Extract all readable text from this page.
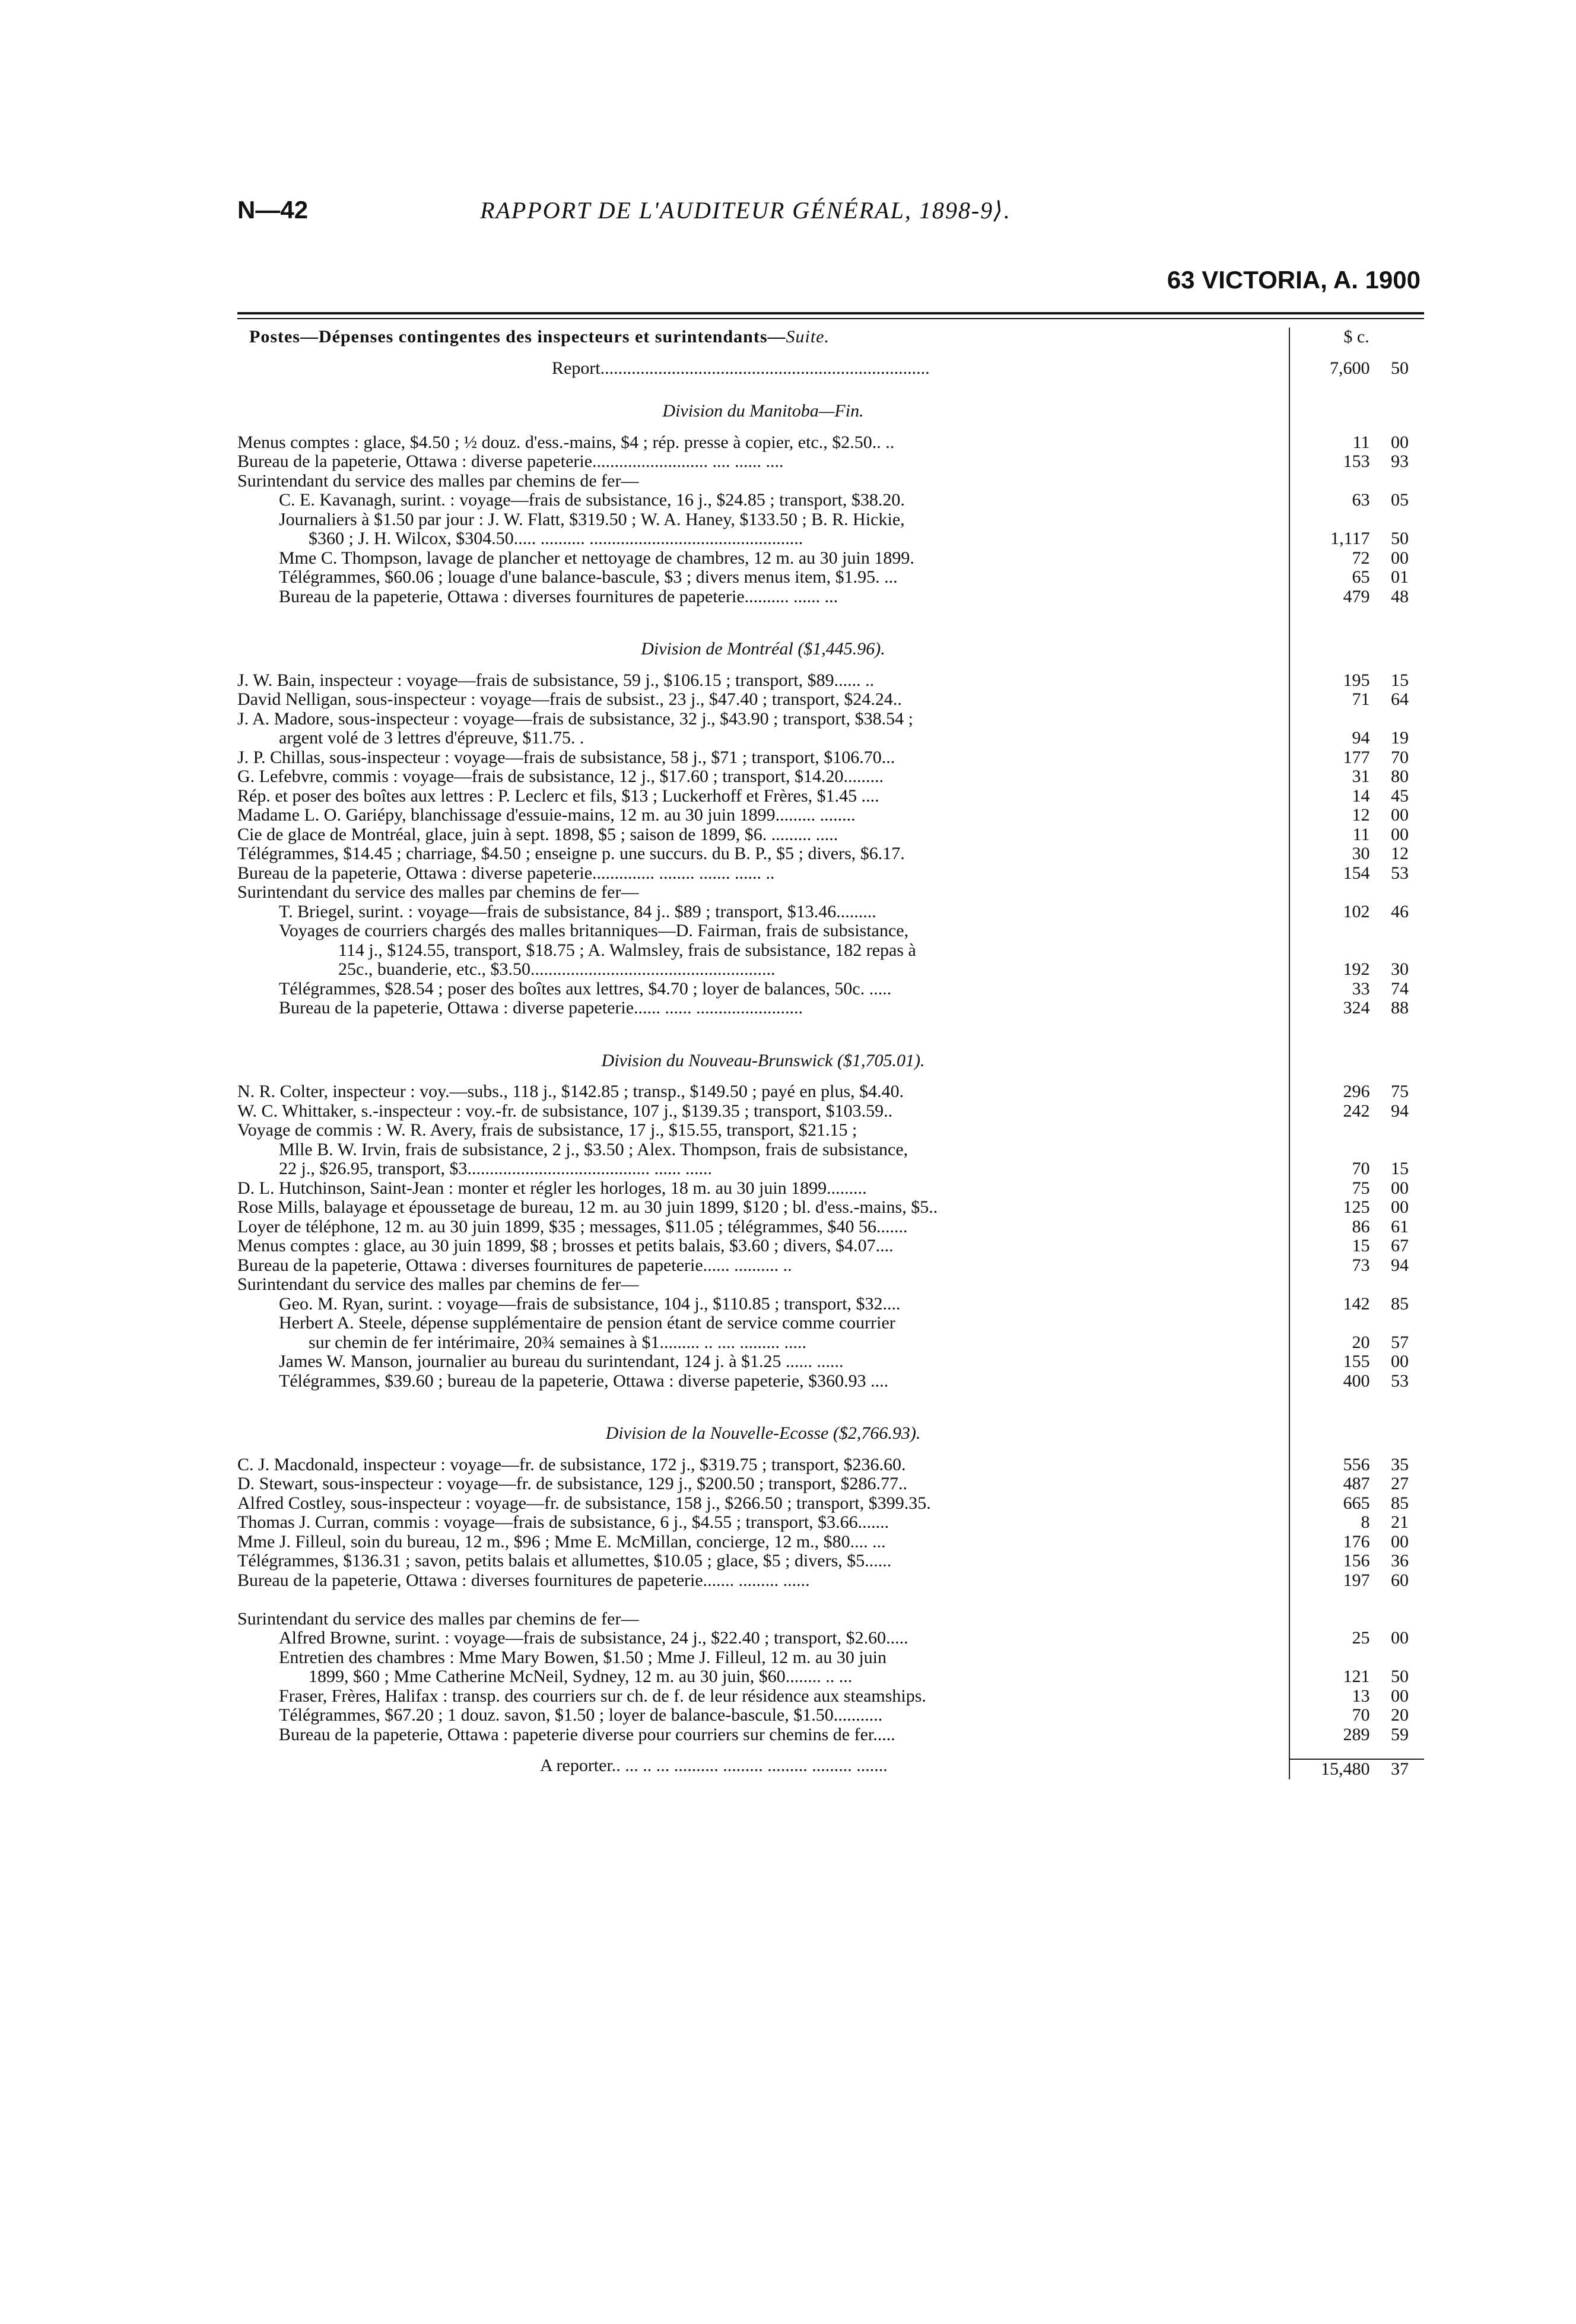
N—42	RAPPORT DE L'AUDITEUR GÉNÉRAL, 1898-9⟩.
63 VICTORIA, A. 1900
Postes—Dépenses contingentes des inspecteurs et surintendants—Suite.	$ c.
Report..........................................................................	7,600 50
Division du Manitoba—Fin.
Menus comptes : glace, $4.50 ; ½ douz. d'ess.-mains, $4 ; rép. presse à copier, etc., $2.50.. ..	11 00
Bureau de la papeterie, Ottawa : diverse papeterie.......................... .... ...... ....	153 93
Surintendant du service des malles par chemins de fer—
C. E. Kavanagh, surint. : voyage—frais de subsistance, 16 j., $24.85 ; transport, $38.20.	63 05
Journaliers à $1.50 par jour : J. W. Flatt, $319.50 ; W. A. Haney, $133.50 ; B. R. Hickie,
$360 ; J. H. Wilcox, $304.50..... .......... ................................................	1,117 50
Mme C. Thompson, lavage de plancher et nettoyage de chambres, 12 m. au 30 juin 1899.	72 00
Télégrammes, $60.06 ; louage d'une balance-bascule, $3 ; divers menus item, $1.95. ...	65 01
Bureau de la papeterie, Ottawa : diverses fournitures de papeterie.......... ...... ...	479 48
Division de Montréal ($1,445.96).
J. W. Bain, inspecteur : voyage—frais de subsistance, 59 j., $106.15 ; transport, $89...... ..	195 15
David Nelligan, sous-inspecteur : voyage—frais de subsist., 23 j., $47.40 ; transport, $24.24..	71 64
J. A. Madore, sous-inspecteur : voyage—frais de subsistance, 32 j., $43.90 ; transport, $38.54 ;
argent volé de 3 lettres d'épreuve, $11.75. .	94 19
J. P. Chillas, sous-inspecteur : voyage—frais de subsistance, 58 j., $71 ; transport, $106.70...	177 70
G. Lefebvre, commis : voyage—frais de subsistance, 12 j., $17.60 ; transport, $14.20.........	31 80
Rép. et poser des boîtes aux lettres : P. Leclerc et fils, $13 ; Luckerhoff et Frères, $1.45 ....	14 45
Madame L. O. Gariépy, blanchissage d'essuie-mains, 12 m. au 30 juin 1899......... ........	12 00
Cie de glace de Montréal, glace, juin à sept. 1898, $5 ; saison de 1899, $6. ......... .....	11 00
Télégrammes, $14.45 ; charriage, $4.50 ; enseigne p. une succurs. du B. P., $5 ; divers, $6.17.	30 12
Bureau de la papeterie, Ottawa : diverse papeterie.............. ........ ....... ...... ..	154 53
Surintendant du service des malles par chemins de fer—
T. Briegel, surint. : voyage—frais de subsistance, 84 j.. $89 ; transport, $13.46.........	102 46
Voyages de courriers chargés des malles britanniques—D. Fairman, frais de subsistance,
114 j., $124.55, transport, $18.75 ; A. Walmsley, frais de subsistance, 182 repas à
25c., buanderie, etc., $3.50.......................................................	192 30
Télégrammes, $28.54 ; poser des boîtes aux lettres, $4.70 ; loyer de balances, 50c. .....	33 74
Bureau de la papeterie, Ottawa : diverse papeterie...... ...... ........................	324 88
Division du Nouveau-Brunswick ($1,705.01).
N. R. Colter, inspecteur : voy.—subs., 118 j., $142.85 ; transp., $149.50 ; payé en plus, $4.40.	296 75
W. C. Whittaker, s.-inspecteur : voy.-fr. de subsistance, 107 j., $139.35 ; transport, $103.59..	242 94
Voyage de commis : W. R. Avery, frais de subsistance, 17 j., $15.55, transport, $21.15 ;
Mlle B. W. Irvin, frais de subsistance, 2 j., $3.50 ; Alex. Thompson, frais de subsistance,
22 j., $26.95, transport, $3......................................... ...... ......	70 15
D. L. Hutchinson, Saint-Jean : monter et régler les horloges, 18 m. au 30 juin 1899.........	75 00
Rose Mills, balayage et époussetage de bureau, 12 m. au 30 juin 1899, $120 ; bl. d'ess.-mains, $5..	125 00
Loyer de téléphone, 12 m. au 30 juin 1899, $35 ; messages, $11.05 ; télégrammes, $40 56.......	86 61
Menus comptes : glace, au 30 juin 1899, $8 ; brosses et petits balais, $3.60 ; divers, $4.07....	15 67
Bureau de la papeterie, Ottawa : diverses fournitures de papeterie...... .......... ..	73 94
Surintendant du service des malles par chemins de fer—
Geo. M. Ryan, surint. : voyage—frais de subsistance, 104 j., $110.85 ; transport, $32....	142 85
Herbert A. Steele, dépense supplémentaire de pension étant de service comme courrier
sur chemin de fer intérimaire, 20¾ semaines à $1......... .. .... ......... .....	20 57
James W. Manson, journalier au bureau du surintendant, 124 j. à $1.25 ...... ......	155 00
Télégrammes, $39.60 ; bureau de la papeterie, Ottawa : diverse papeterie, $360.93 ....	400 53
Division de la Nouvelle-Ecosse ($2,766.93).
C. J. Macdonald, inspecteur : voyage—fr. de subsistance, 172 j., $319.75 ; transport, $236.60.	556 35
D. Stewart, sous-inspecteur : voyage—fr. de subsistance, 129 j., $200.50 ; transport, $286.77..	487 27
Alfred Costley, sous-inspecteur : voyage—fr. de subsistance, 158 j., $266.50 ; transport, $399.35.	665 85
Thomas J. Curran, commis : voyage—frais de subsistance, 6 j., $4.55 ; transport, $3.66.......	8 21
Mme J. Filleul, soin du bureau, 12 m., $96 ; Mme E. McMillan, concierge, 12 m., $80.... ...	176 00
Télégrammes, $136.31 ; savon, petits balais et allumettes, $10.05 ; glace, $5 ; divers, $5......	156 36
Bureau de la papeterie, Ottawa : diverses fournitures de papeterie....... ......... ......	197 60
Surintendant du service des malles par chemins de fer—
Alfred Browne, surint. : voyage—frais de subsistance, 24 j., $22.40 ; transport, $2.60.....	25 00
Entretien des chambres : Mme Mary Bowen, $1.50 ; Mme J. Filleul, 12 m. au 30 juin
1899, $60 ; Mme Catherine McNeil, Sydney, 12 m. au 30 juin, $60........ .. ...	121 50
Fraser, Frères, Halifax : transp. des courriers sur ch. de f. de leur résidence aux steamships.	13 00
Télégrammes, $67.20 ; 1 douz. savon, $1.50 ; loyer de balance-bascule, $1.50...........	70 20
Bureau de la papeterie, Ottawa : papeterie diverse pour courriers sur chemins de fer.....	289 59
A reporter.. ... .. ... .......... ......... ......... ......... .......	15,480 37
